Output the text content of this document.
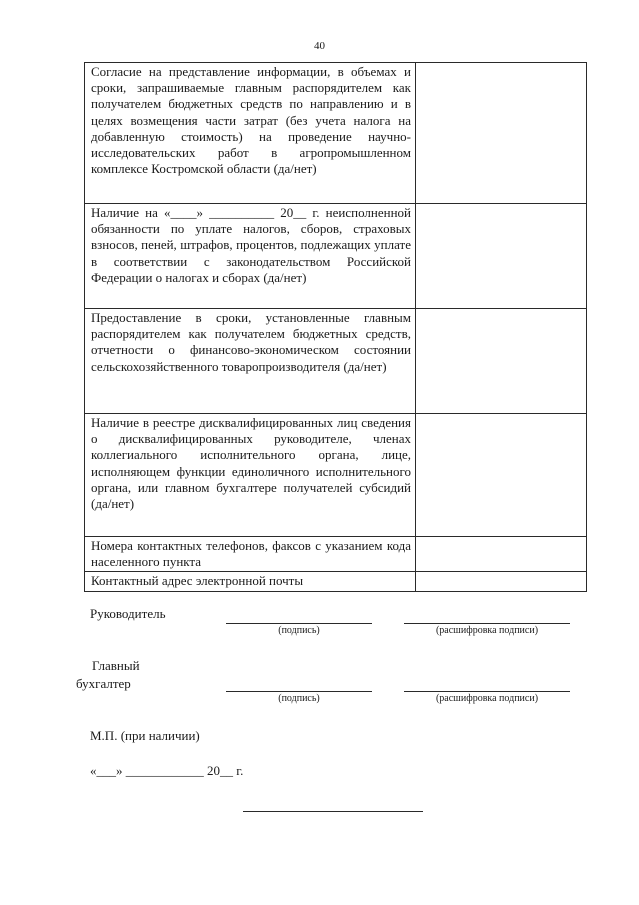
40
Согласие на представление информации, в объемах и сроки, запрашиваемые главным распорядителем как получателем бюджетных средств по направлению и в целях возмещения части затрат (без учета налога на добавленную стоимость) на проведение научно-исследовательских работ в агропромышленном комплексе Костромской области (да/нет)	
Наличие на «____» __________ 20__ г. неисполненной обязанности по уплате налогов, сборов, страховых взносов, пеней, штрафов, процентов, подлежащих уплате в соответствии с законодательством Российской Федерации о налогах и сборах (да/нет)	
Предоставление в сроки, установленные главным распорядителем как получателем бюджетных средств, отчетности о финансово-экономическом состоянии сельскохозяйственного товаропроизводителя (да/нет)	
Наличие в реестре дисквалифицированных лиц сведения о дисквалифицированных руководителе, членах коллегиального исполнительного органа, лице, исполняющем функции единоличного исполнительного органа, или главном бухгалтере получателей субсидий (да/нет)	
Номера контактных телефонов, факсов с указанием кода населенного пункта	
Контактный адрес электронной почты	
Руководитель
(подпись)	(расшифровка подписи)
Главный
бухгалтер
(подпись)	(расшифровка подписи)
М.П. (при наличии)
«___» ____________ 20__ г.
